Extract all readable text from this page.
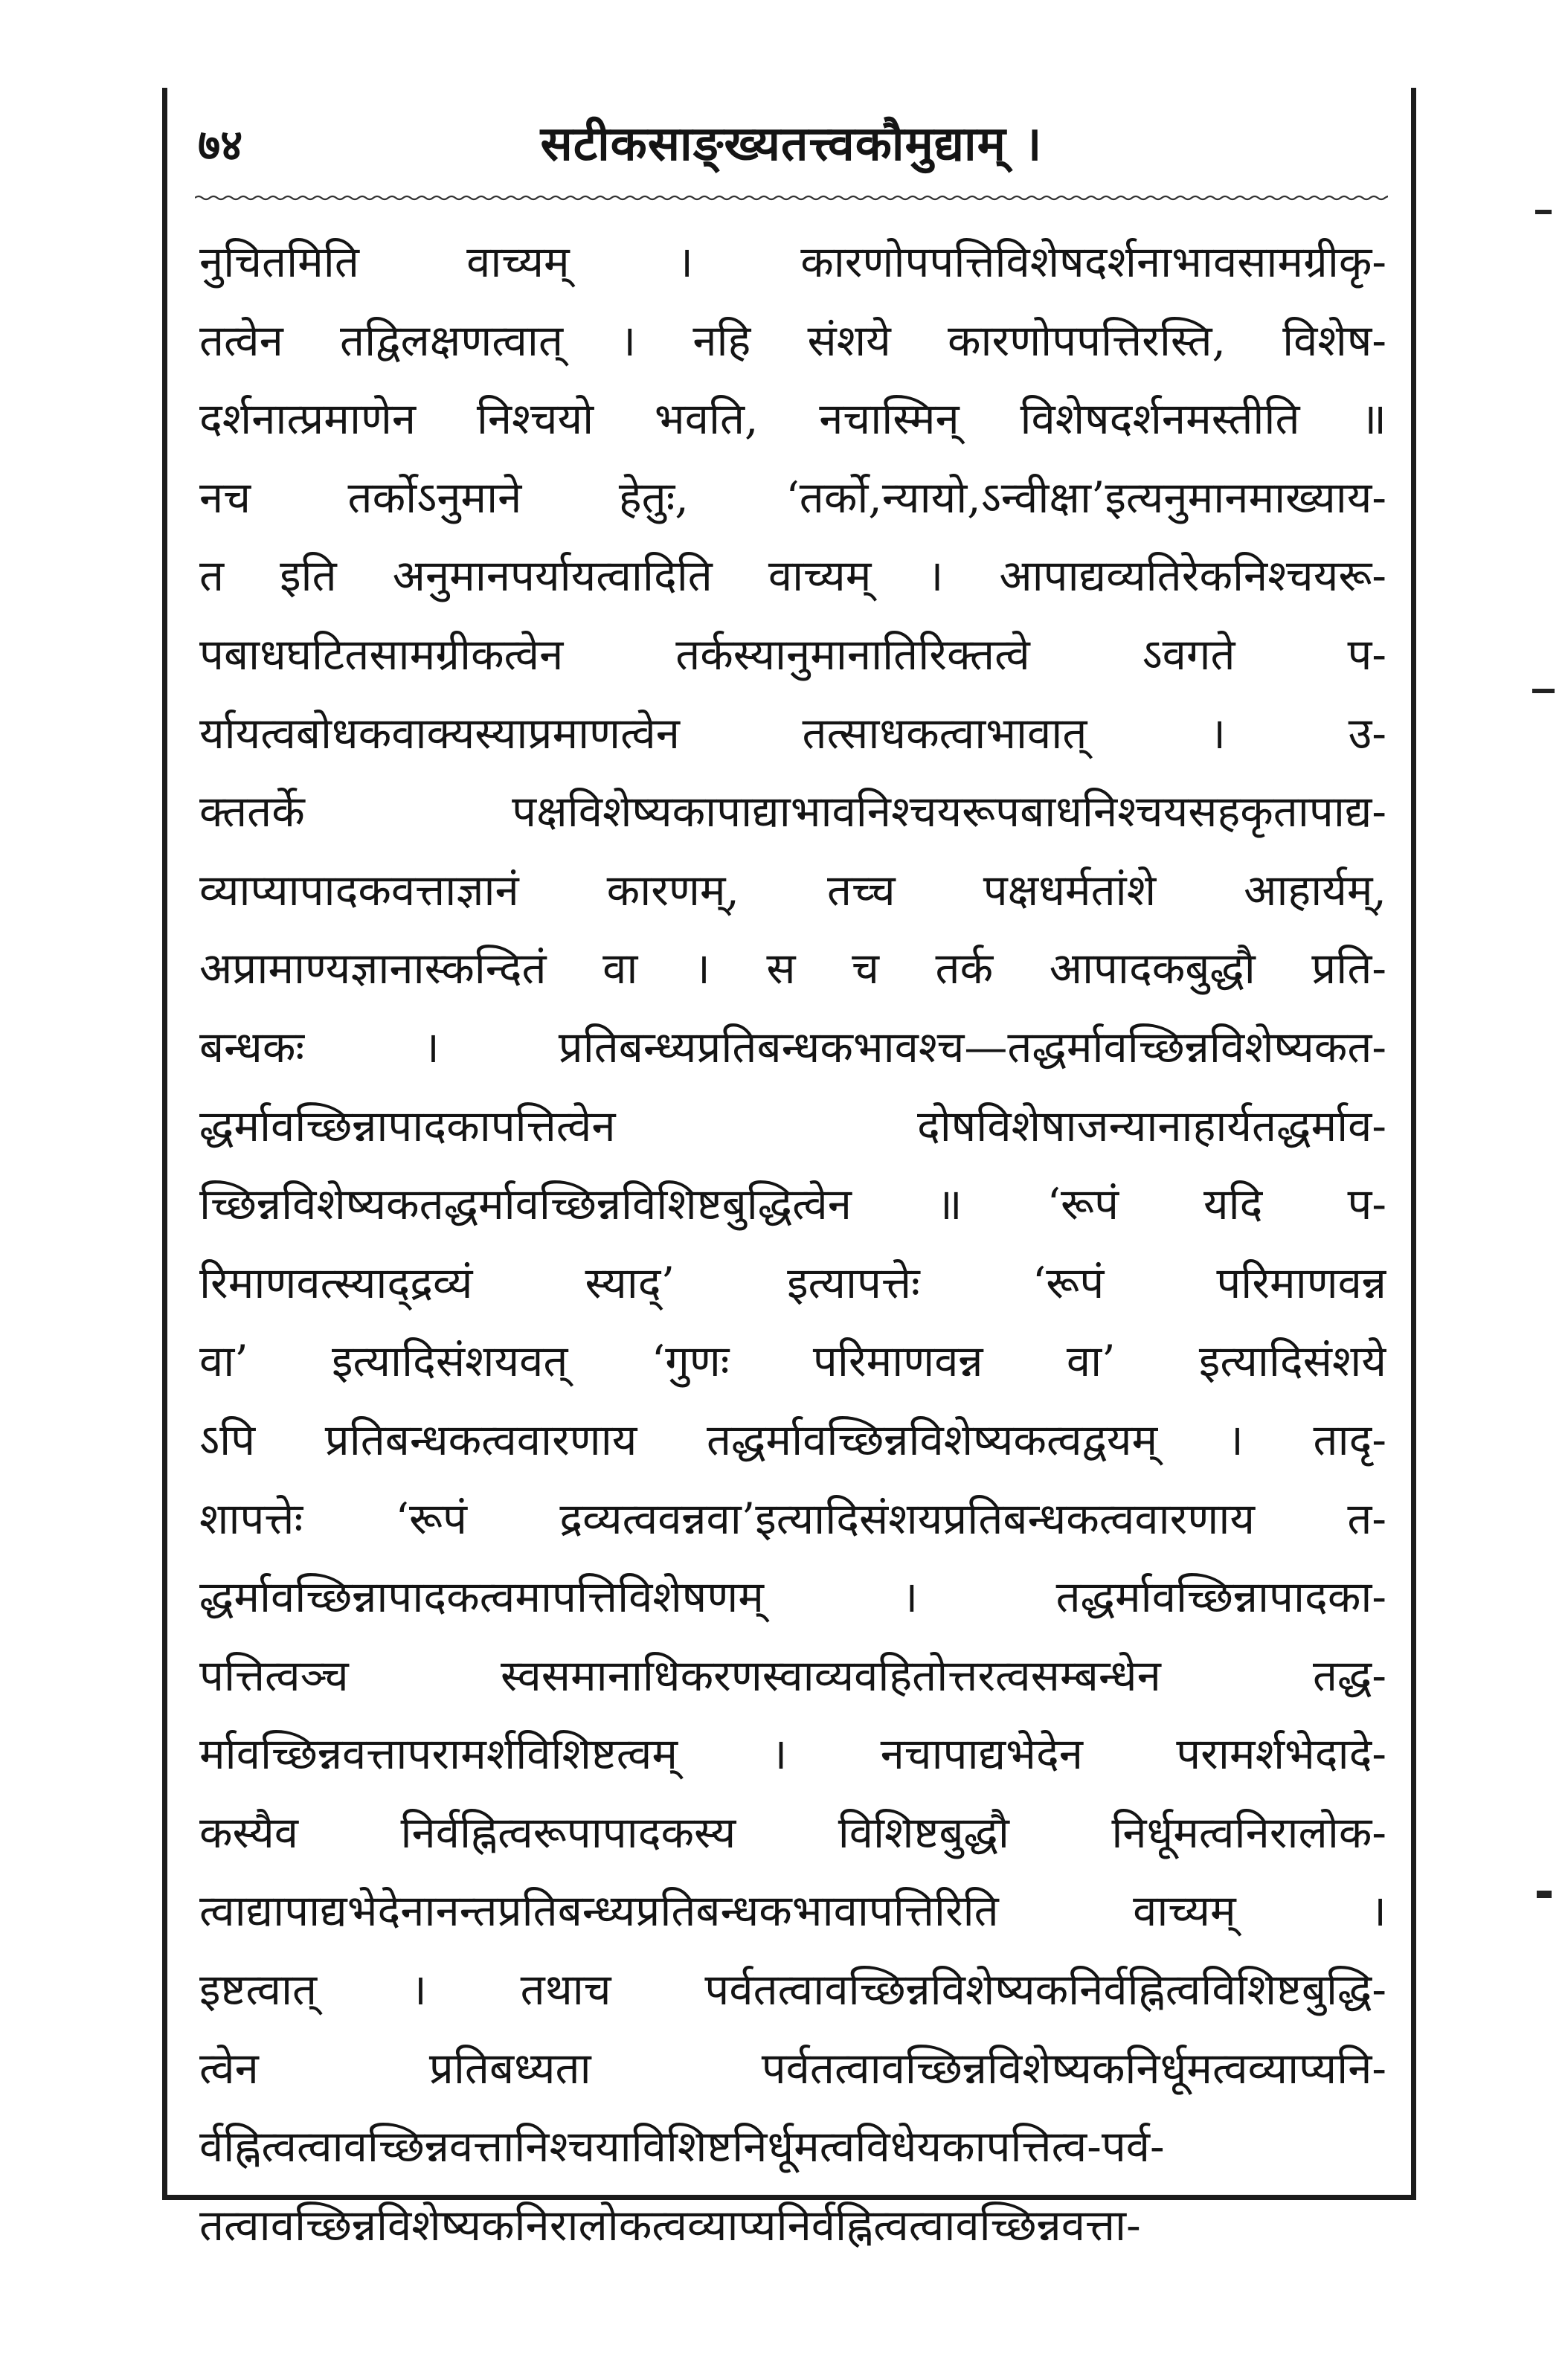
७४	सटीकसाङ्ख्यतत्त्वकौमुद्याम् ।
नुचितमिति वाच्यम् । कारणोपपत्तिविशेषदर्शनाभावसामग्रीकृ-
तत्वेन तद्विलक्षणत्वात् । नहि संशये कारणोपपत्तिरस्ति, विशेष-
दर्शनात्प्रमाणेन निश्चयो भवति, नचास्मिन् विशेषदर्शनमस्तीति ॥
नच तर्कोऽनुमाने हेतुः, ‘तर्को,न्यायो,ऽन्वीक्षा’इत्यनुमानमाख्याय-
त इति अनुमानपर्यायत्वादिति वाच्यम् । आपाद्यव्यतिरेकनिश्चयरू-
पबाधघटितसामग्रीकत्वेन तर्कस्यानुमानातिरिक्तत्वे ऽवगते प-
र्यायत्वबोधकवाक्यस्याप्रमाणत्वेन तत्साधकत्वाभावात् । उ-
क्ततर्के पक्षविशेष्यकापाद्याभावनिश्चयरूपबाधनिश्चयसहकृतापाद्य-
व्याप्यापादकवत्ताज्ञानं कारणम्, तच्च पक्षधर्मतांशे आहार्यम्,
अप्रामाण्यज्ञानास्कन्दितं वा । स च तर्क आपादकबुद्धौ प्रति-
बन्धकः । प्रतिबन्ध्यप्रतिबन्धकभावश्च—तद्धर्मावच्छिन्नविशेष्यकत-
द्धर्मावच्छिन्नापादकापत्तित्वेन दोषविशेषाजन्यानाहार्यतद्धर्माव-
च्छिन्नविशेष्यकतद्धर्मावच्छिन्नविशिष्टबुद्धित्वेन ॥ ‘रूपं यदि प-
रिमाणवत्स्याद्द्रव्यं स्याद्’ इत्यापत्तेः ‘रूपं परिमाणवन्न
वा’ इत्यादिसंशयवत् ‘गुणः परिमाणवन्न वा’ इत्यादिसंशये
ऽपि प्रतिबन्धकत्ववारणाय तद्धर्मावच्छिन्नविशेष्यकत्वद्वयम् । तादृ-
शापत्तेः ‘रूपं द्रव्यत्ववन्नवा’इत्यादिसंशयप्रतिबन्धकत्ववारणाय त-
द्धर्मावच्छिन्नापादकत्वमापत्तिविशेषणम् । तद्धर्मावच्छिन्नापादका-
पत्तित्वञ्च स्वसमानाधिकरणस्वाव्यवहितोत्तरत्वसम्बन्धेन तद्ध-
र्मावच्छिन्नवत्तापरामर्शविशिष्टत्वम् । नचापाद्यभेदेन परामर्शभेदादे-
कस्यैव निर्वह्नित्वरूपापादकस्य विशिष्टबुद्धौ निर्धूमत्वनिरालोक-
त्वाद्यापाद्यभेदेनानन्तप्रतिबन्ध्यप्रतिबन्धकभावापत्तिरिति वाच्यम् ।
इष्टत्वात् । तथाच पर्वतत्वावच्छिन्नविशेष्यकनिर्वह्नित्वविशिष्टबुद्धि-
त्वेन प्रतिबध्यता पर्वतत्वावच्छिन्नविशेष्यकनिर्धूमत्वव्याप्यनि-
र्वह्नित्वत्वावच्छिन्नवत्तानिश्चयाविशिष्टनिर्धूमत्वविधेयकापत्तित्व-पर्व-
तत्वावच्छिन्नविशेष्यकनिरालोकत्वव्याप्यनिर्वह्नित्वत्वावच्छिन्नवत्ता-
